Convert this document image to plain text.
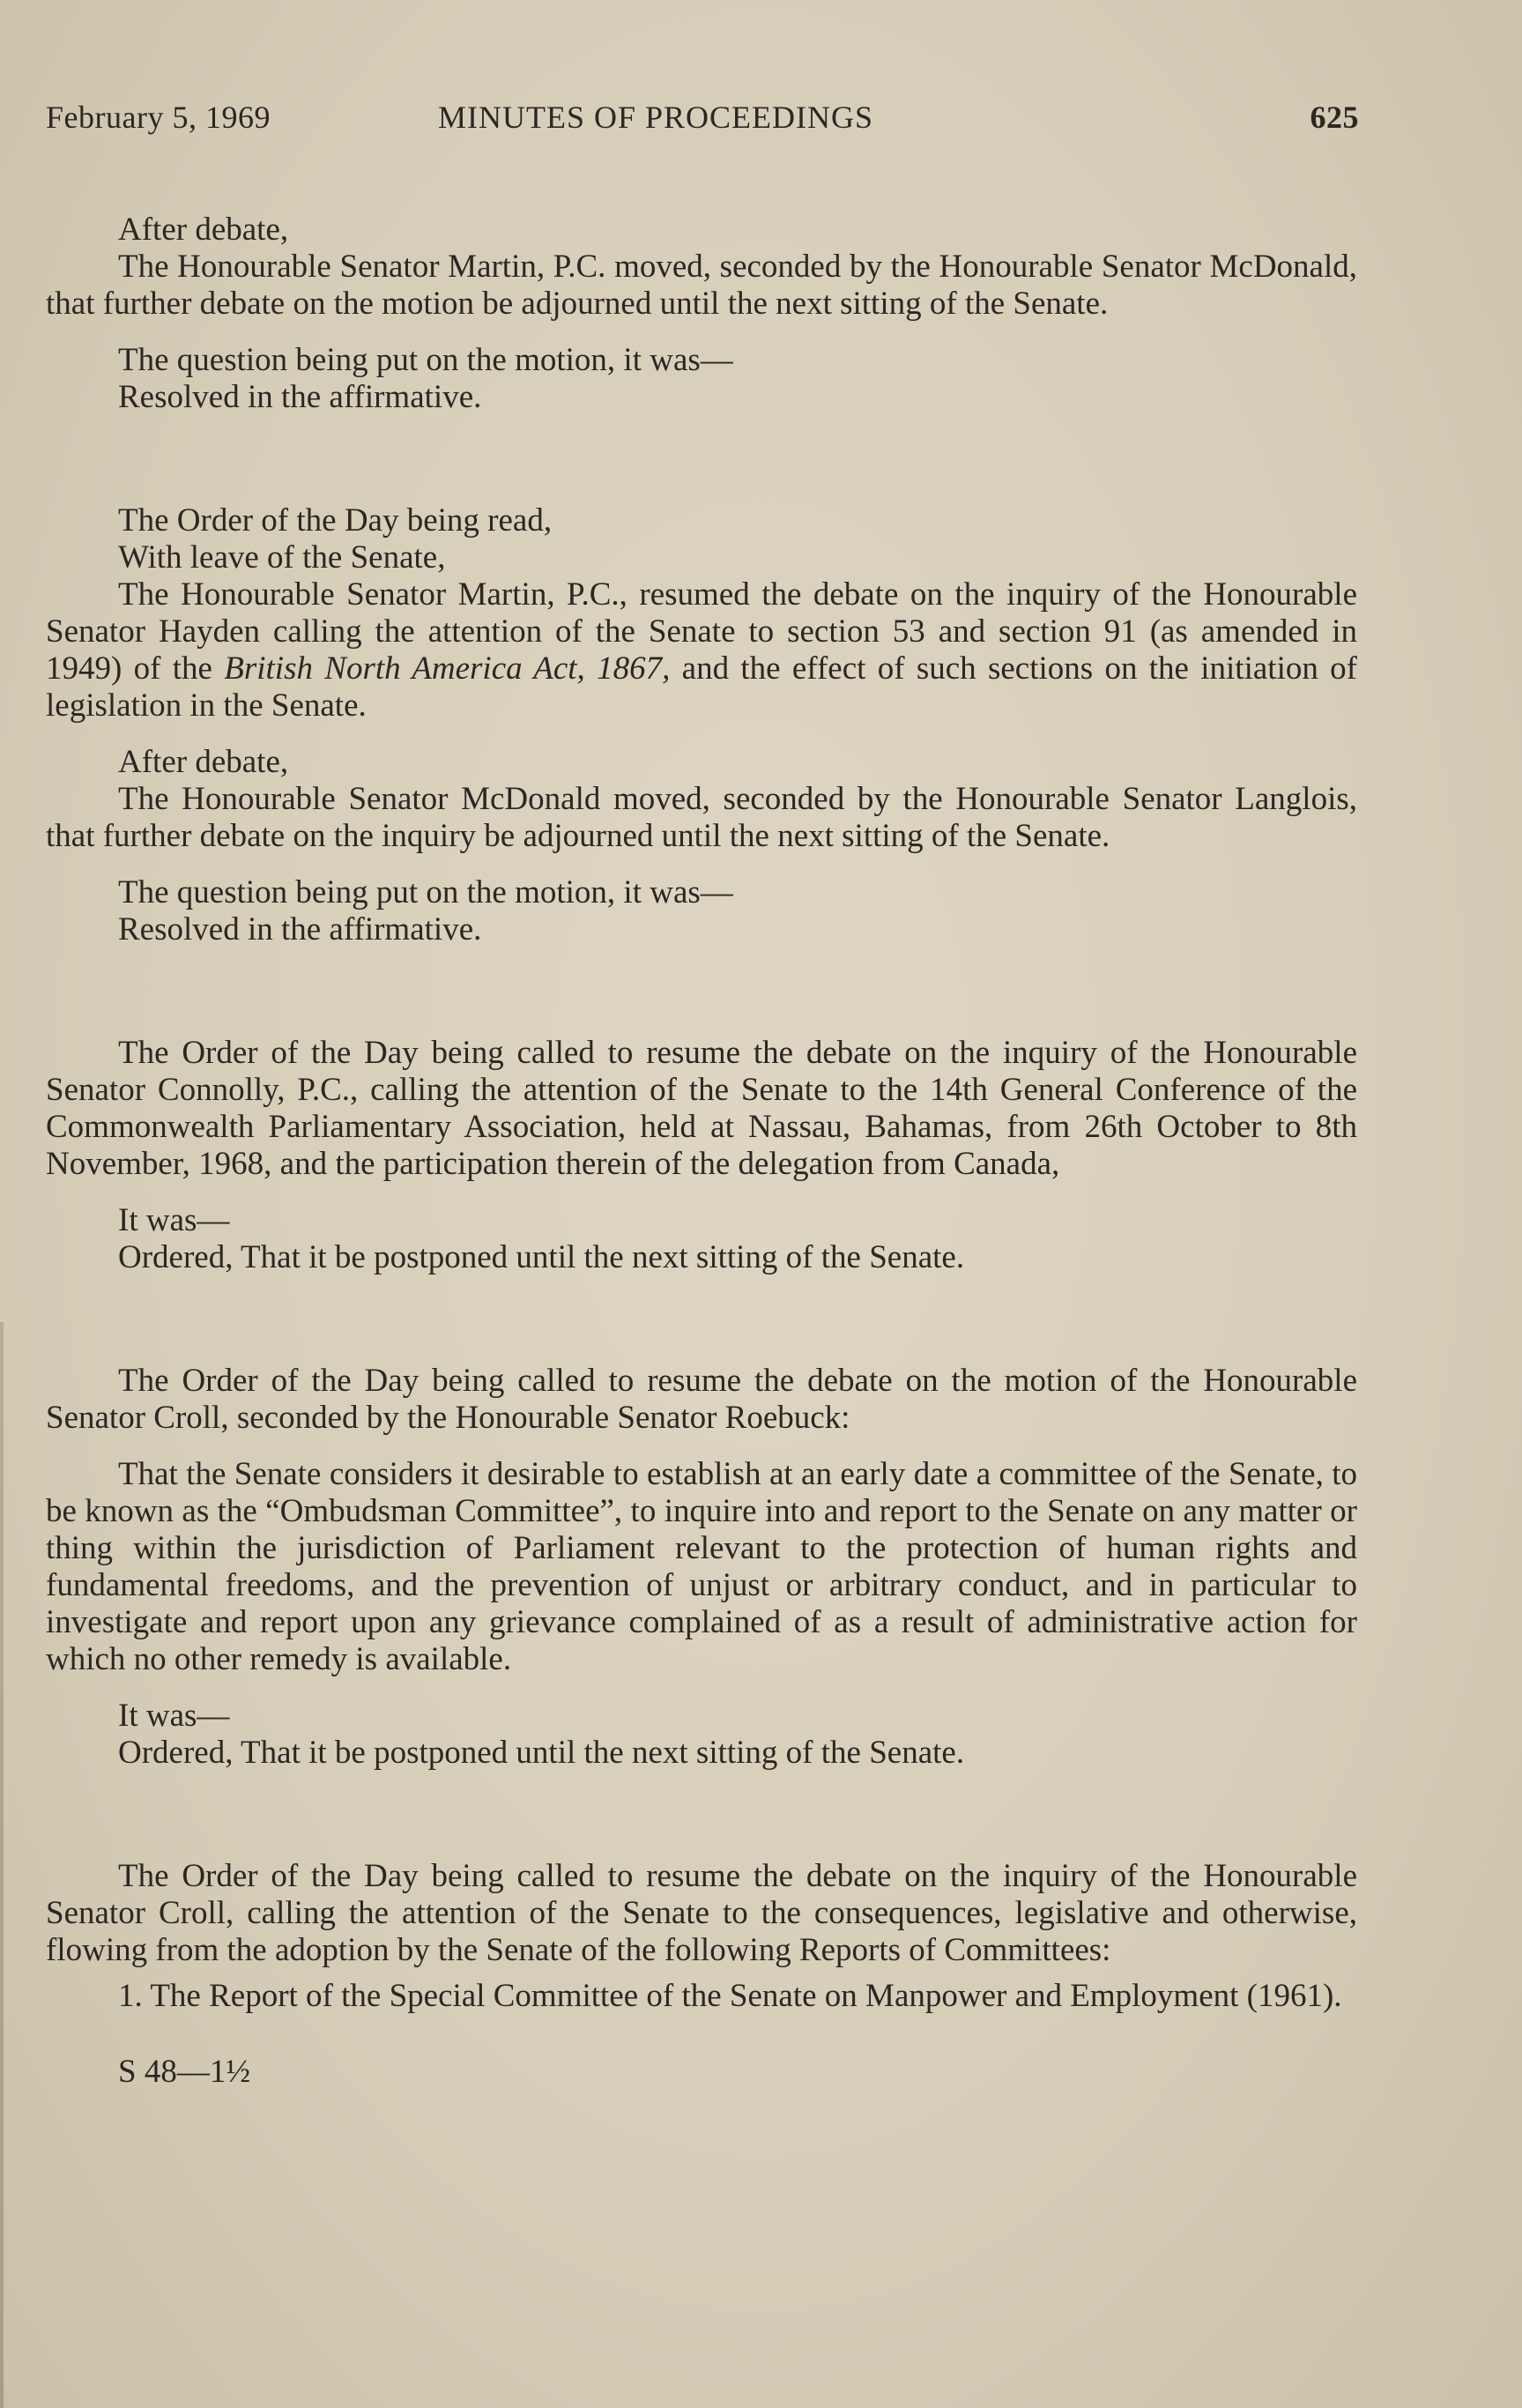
February 5, 1969	MINUTES OF PROCEEDINGS	625

After debate,

The Honourable Senator Martin, P.C. moved, seconded by the Honourable Senator McDonald, that further debate on the motion be adjourned until the next sitting of the Senate.

The question being put on the motion, it was—

Resolved in the affirmative.

The Order of the Day being read,

With leave of the Senate,

The Honourable Senator Martin, P.C., resumed the debate on the inquiry of the Honourable Senator Hayden calling the attention of the Senate to section 53 and section 91 (as amended in 1949) of the British North America Act, 1867, and the effect of such sections on the initiation of legislation in the Senate.

After debate,

The Honourable Senator McDonald moved, seconded by the Honourable Senator Langlois, that further debate on the inquiry be adjourned until the next sitting of the Senate.

The question being put on the motion, it was—

Resolved in the affirmative.

The Order of the Day being called to resume the debate on the inquiry of the Honourable Senator Connolly, P.C., calling the attention of the Senate to the 14th General Conference of the Commonwealth Parliamentary Association, held at Nassau, Bahamas, from 26th October to 8th November, 1968, and the participation therein of the delegation from Canada,

It was—

Ordered, That it be postponed until the next sitting of the Senate.

The Order of the Day being called to resume the debate on the motion of the Honourable Senator Croll, seconded by the Honourable Senator Roebuck:

That the Senate considers it desirable to establish at an early date a committee of the Senate, to be known as the “Ombudsman Committee”, to inquire into and report to the Senate on any matter or thing within the jurisdiction of Parliament relevant to the protection of human rights and fundamental freedoms, and the prevention of unjust or arbitrary conduct, and in particular to investigate and report upon any grievance complained of as a result of administrative action for which no other remedy is available.

It was—

Ordered, That it be postponed until the next sitting of the Senate.

The Order of the Day being called to resume the debate on the inquiry of the Honourable Senator Croll, calling the attention of the Senate to the consequences, legislative and otherwise, flowing from the adoption by the Senate of the following Reports of Committees:

1. The Report of the Special Committee of the Senate on Manpower and Employment (1961).

S 48—1½
